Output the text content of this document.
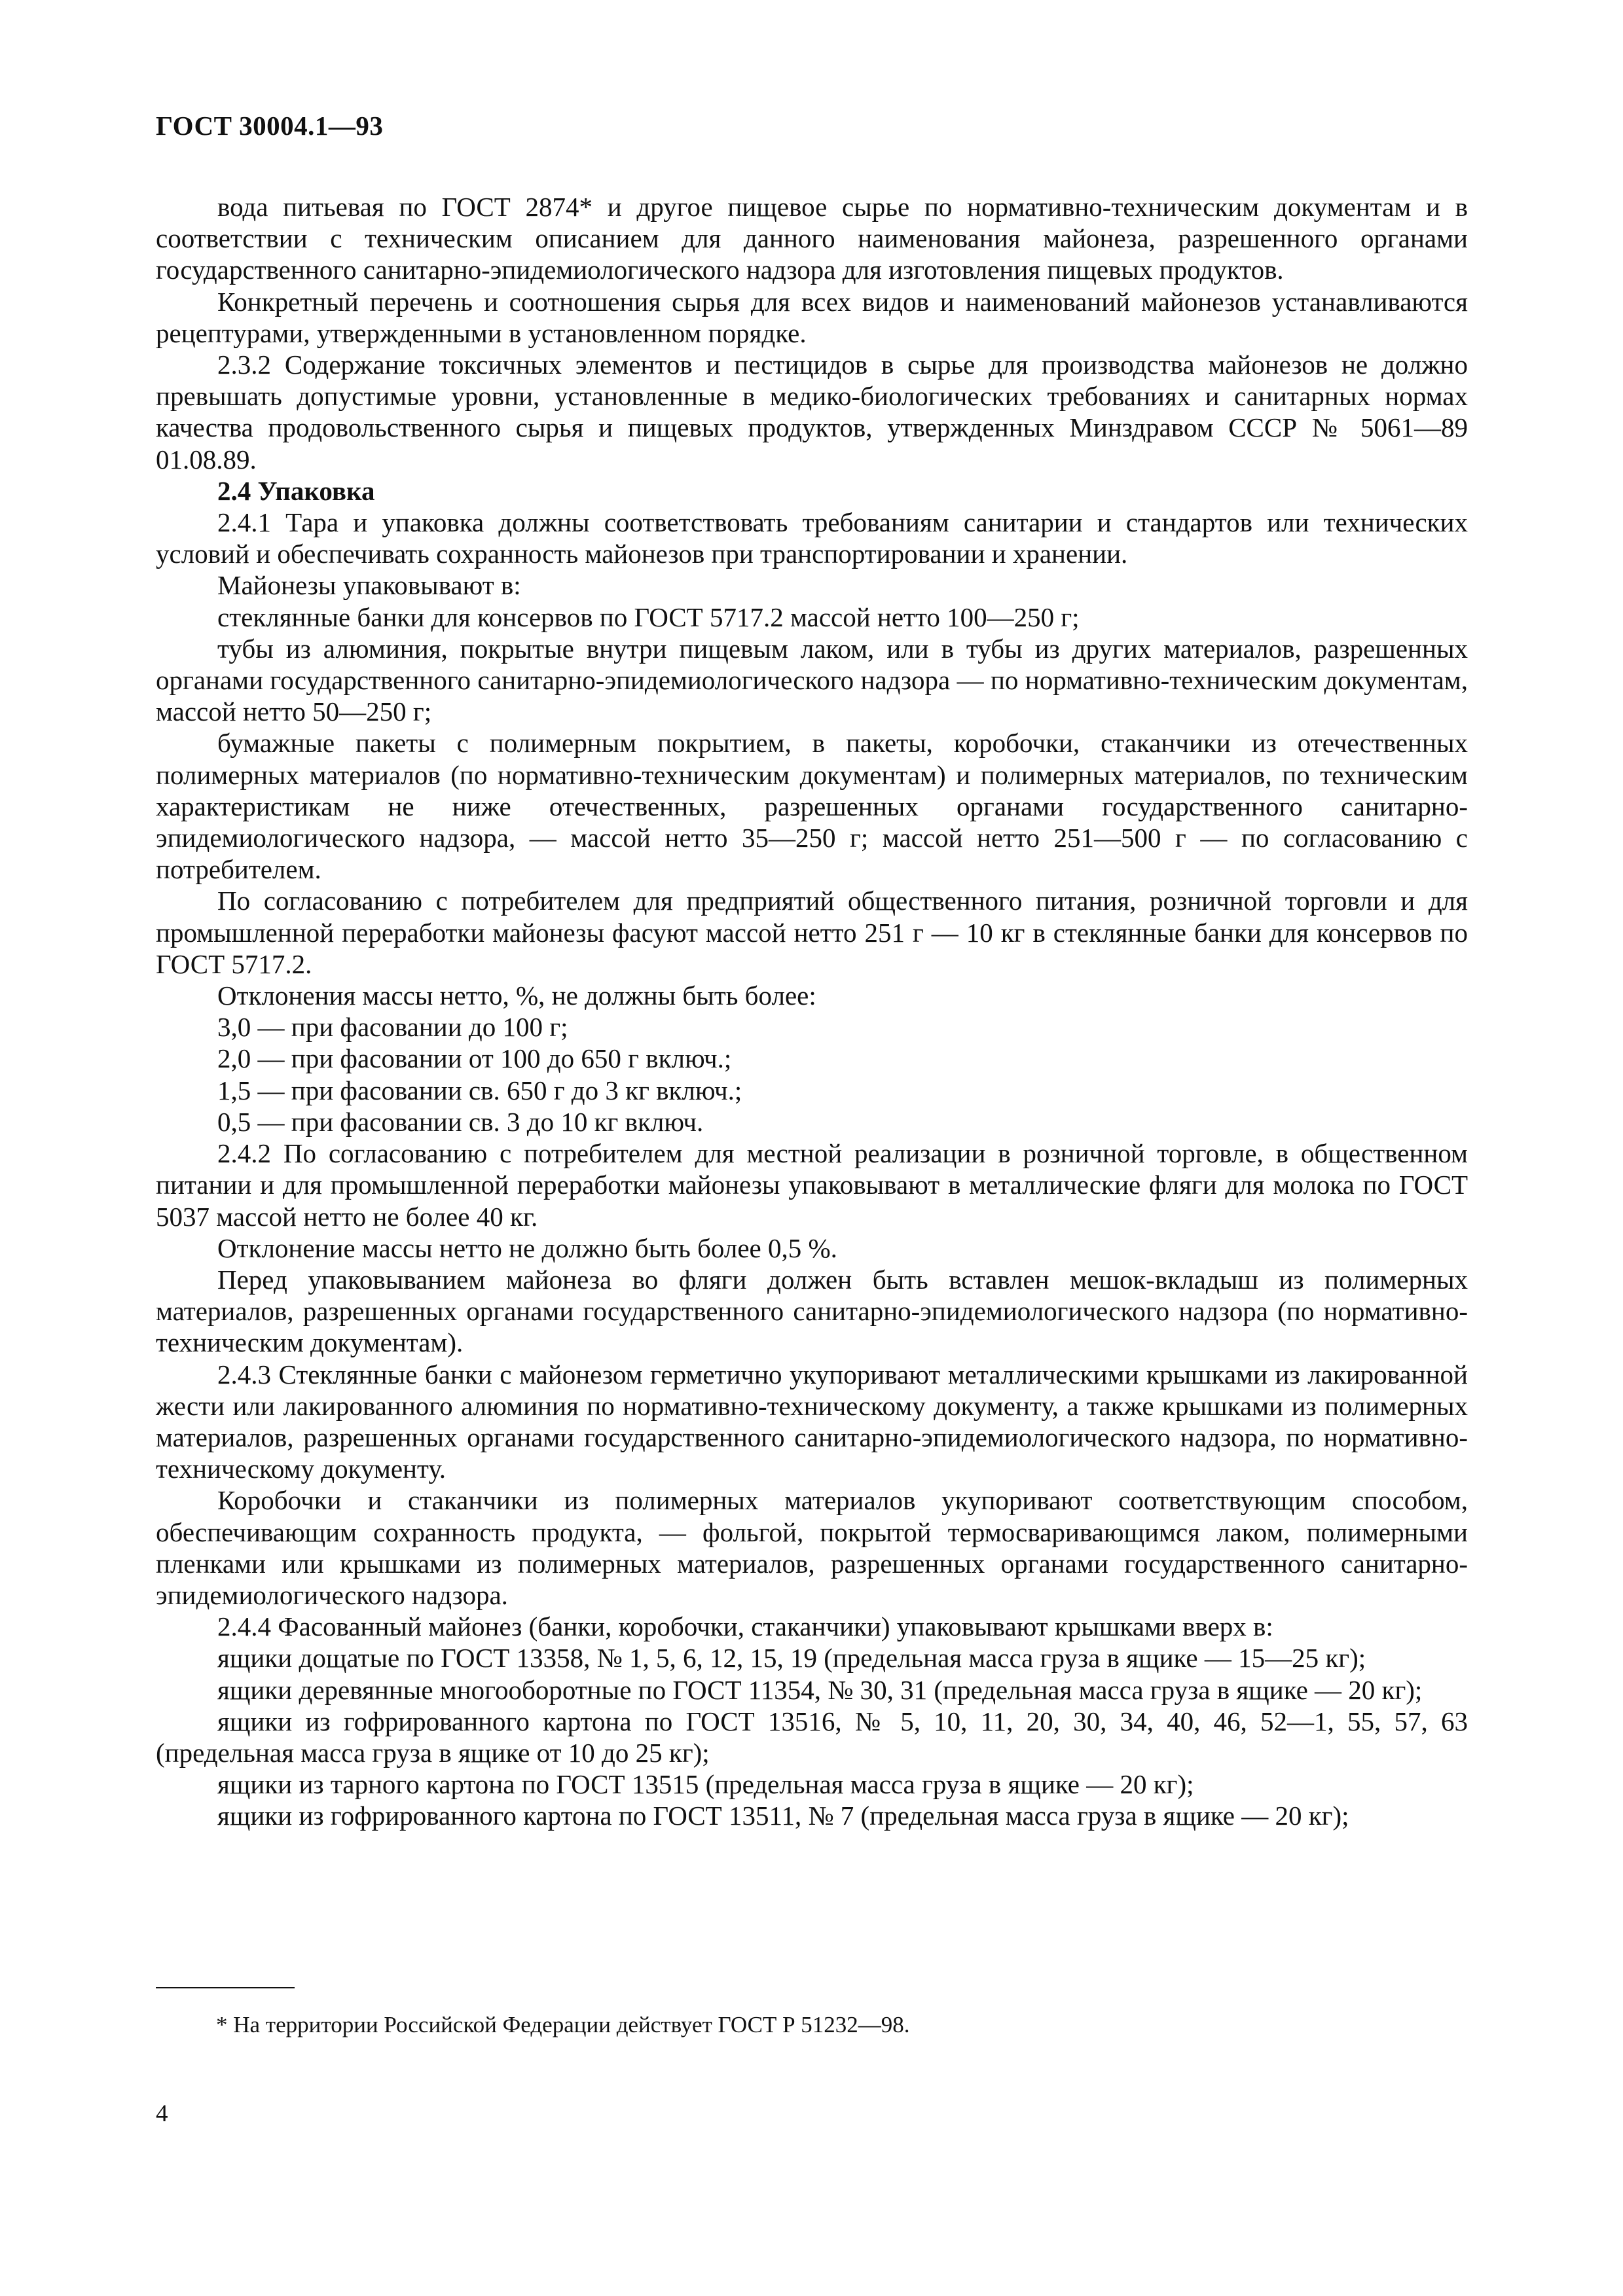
ГОСТ 30004.1—93

вода питьевая по ГОСТ 2874* и другое пищевое сырье по нормативно-техническим документам и в соответствии с техническим описанием для данного наименования майонеза, разрешенного органами государственного санитарно-эпидемиологического надзора для изготовления пищевых продуктов.

Конкретный перечень и соотношения сырья для всех видов и наименований майонезов устанавливаются рецептурами, утвержденными в установленном порядке.

2.3.2 Содержание токсичных элементов и пестицидов в сырье для производства майонезов не должно превышать допустимые уровни, установленные в медико-биологических требованиях и санитарных нормах качества продовольственного сырья и пищевых продуктов, утвержденных Минздравом СССР № 5061—89 01.08.89.

2.4 Упаковка

2.4.1 Тара и упаковка должны соответствовать требованиям санитарии и стандартов или технических условий и обеспечивать сохранность майонезов при транспортировании и хранении.

Майонезы упаковывают в:

стеклянные банки для консервов по ГОСТ 5717.2 массой нетто 100—250 г;

тубы из алюминия, покрытые внутри пищевым лаком, или в тубы из других материалов, разрешенных органами государственного санитарно-эпидемиологического надзора — по нормативно-техническим документам, массой нетто 50—250 г;

бумажные пакеты с полимерным покрытием, в пакеты, коробочки, стаканчики из отечественных полимерных материалов (по нормативно-техническим документам) и полимерных материалов, по техническим характеристикам не ниже отечественных, разрешенных органами государственного санитарно-эпидемиологического надзора, — массой нетто 35—250 г; массой нетто 251—500 г — по согласованию с потребителем.

По согласованию с потребителем для предприятий общественного питания, розничной торговли и для промышленной переработки майонезы фасуют массой нетто 251 г — 10 кг в стеклянные банки для консервов по ГОСТ 5717.2.

Отклонения массы нетто, %, не должны быть более:

3,0 — при фасовании до 100 г;

2,0 — при фасовании от 100 до 650 г включ.;

1,5 — при фасовании св. 650 г до 3 кг включ.;

0,5 — при фасовании св. 3 до 10 кг включ.

2.4.2 По согласованию с потребителем для местной реализации в розничной торговле, в общественном питании и для промышленной переработки майонезы упаковывают в металлические фляги для молока по ГОСТ 5037 массой нетто не более 40 кг.

Отклонение массы нетто не должно быть более 0,5 %.

Перед упаковыванием майонеза во фляги должен быть вставлен мешок-вкладыш из полимерных материалов, разрешенных органами государственного санитарно-эпидемиологического надзора (по нормативно-техническим документам).

2.4.3 Стеклянные банки с майонезом герметично укупоривают металлическими крышками из лакированной жести или лакированного алюминия по нормативно-техническому документу, а также крышками из полимерных материалов, разрешенных органами государственного санитарно-эпидемиологического надзора, по нормативно-техническому документу.

Коробочки и стаканчики из полимерных материалов укупоривают соответствующим способом, обеспечивающим сохранность продукта, — фольгой, покрытой термосваривающимся лаком, полимерными пленками или крышками из полимерных материалов, разрешенных органами государственного санитарно-эпидемиологического надзора.

2.4.4 Фасованный майонез (банки, коробочки, стаканчики) упаковывают крышками вверх в:

ящики дощатые по ГОСТ 13358, № 1, 5, 6, 12, 15, 19 (предельная масса груза в ящике — 15—25 кг);

ящики деревянные многооборотные по ГОСТ 11354, № 30, 31 (предельная масса груза в ящике — 20 кг);

ящики из гофрированного картона по ГОСТ 13516, № 5, 10, 11, 20, 30, 34, 40, 46, 52—1, 55, 57, 63 (предельная масса груза в ящике от 10 до 25 кг);

ящики из тарного картона по ГОСТ 13515 (предельная масса груза в ящике — 20 кг);

ящики из гофрированного картона по ГОСТ 13511, № 7 (предельная масса груза в ящике — 20 кг);

* На территории Российской Федерации действует ГОСТ Р 51232—98.
4
